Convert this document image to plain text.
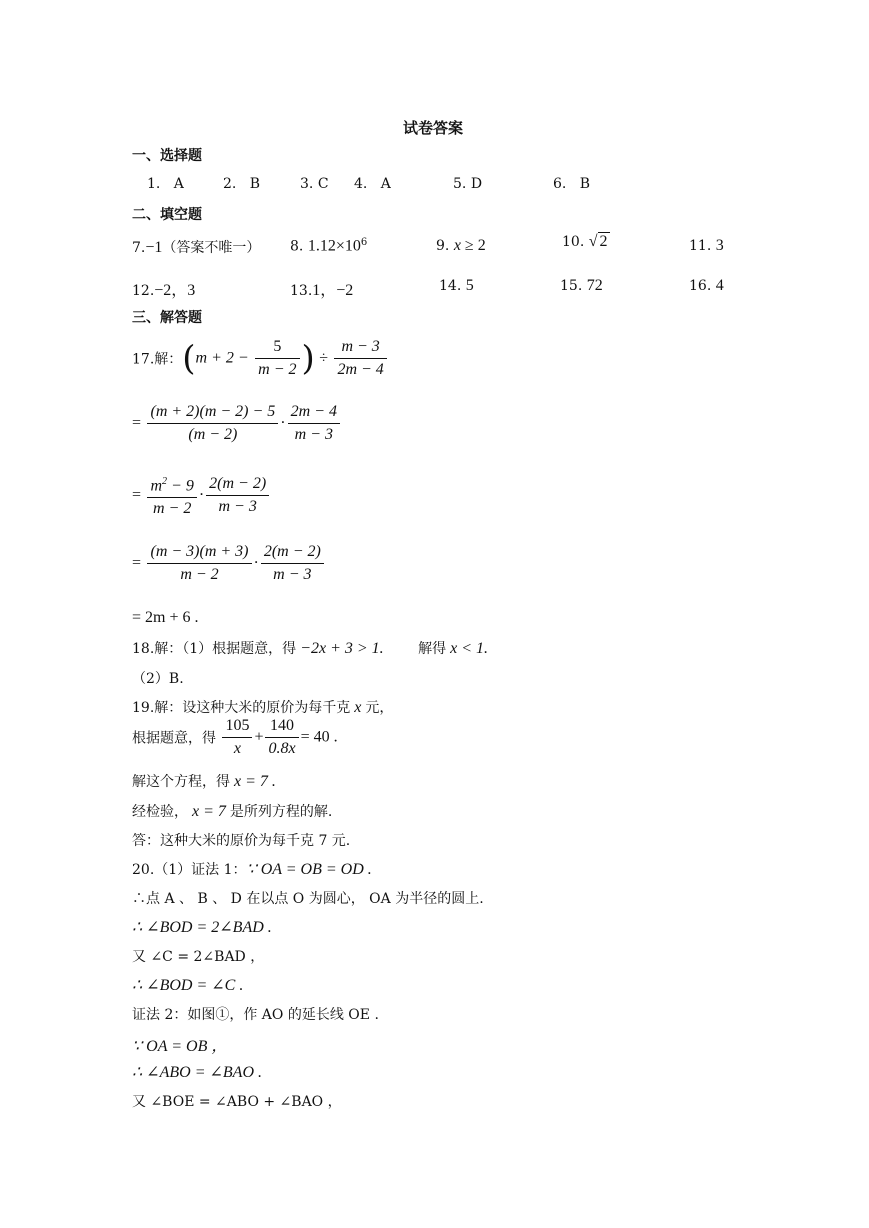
试卷答案
一、选择题
1. A	2. B	3. C 4. A	5. D	6. B
二、填空题
7.−1（答案不唯一） 8. $1.12\times 10^6$	9. x ≥ 2	10. √ 2	11. 3
12.−2，3	13.1，−2	14. 5	15. 72	16. 4
三、解答题
17.解：($m + 2 - \frac{5}{m - 2}$ ) ÷ $\frac{m - 3}{2m - 4}$
= $\frac{(m + 2)(m - 2) - 5}{(m - 2)} \cdot \frac{2m - 4}{m - 3}$
= $\frac{m^2 - 9}{m - 2} \cdot \frac{2(m - 2)}{m - 3}$
= $\frac{(m - 3)(m + 3)}{m - 2} \cdot \frac{2(m - 2)}{m - 3}$
= 2m + 6 .
18.解：（1）根据题意，得 −2x + 3 > 1. 解得 x < 1.
（2）B.
19.解：设这种大米的原价为每千克 x 元，
根据题意，得 $\frac{105}{x} + \frac{140}{0.8x} = 40$ .
解这个方程，得 x = 7 .
经检验， x = 7 是所列方程的解.
答：这种大米的原价为每千克 7 元.
20.（1）证法 1：∵ OA = OB = OD .
∴点 A 、 B 、 D 在以点 O 为圆心， OA 为半径的圆上.
∴ ∠BOD = 2∠BAD .
又 ∠C = 2∠BAD ，
∴ ∠BOD = ∠C .
证法 2：如图①，作 AO 的延长线 OE .
∵ OA = OB ，
∴ ∠ABO = ∠BAO .
又 ∠BOE = ∠ABO + ∠BAO ，
